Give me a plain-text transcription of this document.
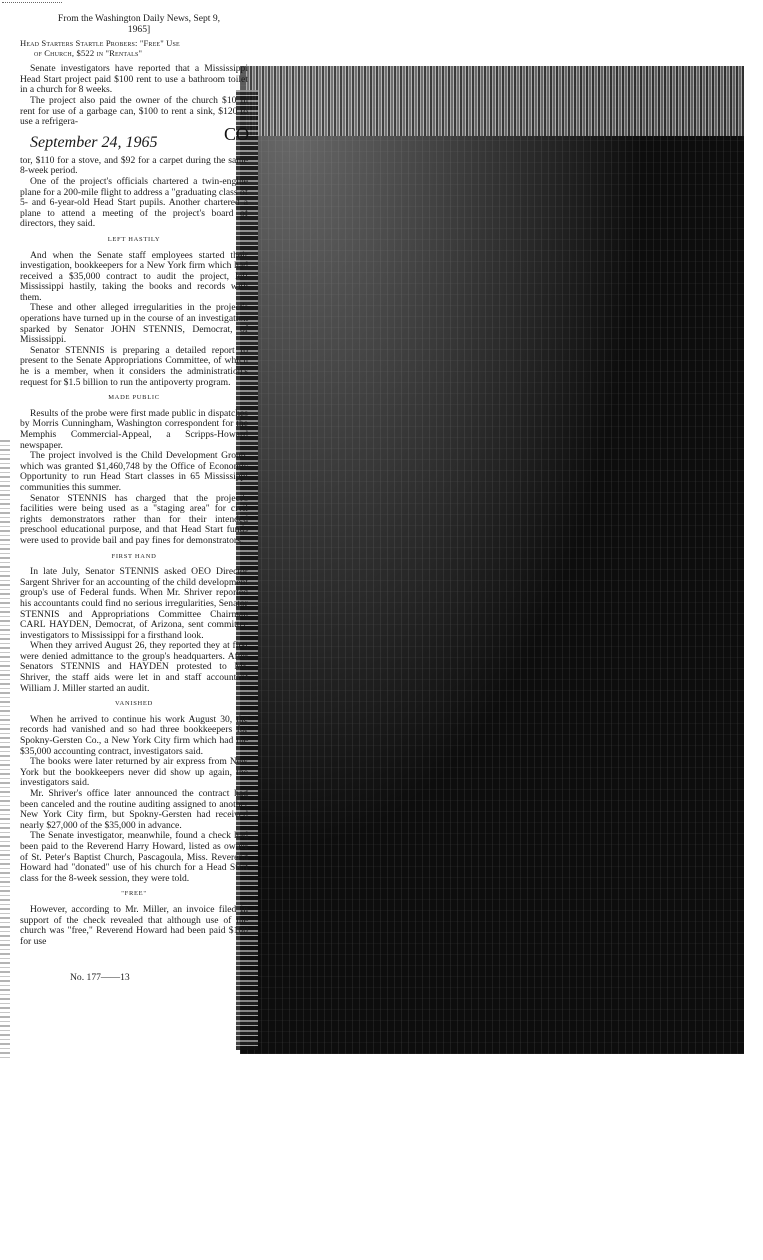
From the Washington Daily News, Sept 9,

1965]

Head Starters Startle Probers: "Free" Use
of Church, $522 in "Rentals"

Senate investigators have reported that a Mississippi Head Start project paid $100 rent to use a bathroom toilet in a church for 8 weeks.

The project also paid the owner of the church $10 in rent for use of a garbage can, $100 to rent a sink, $120 to use a refrigera-

September 24, 1965

tor, $110 for a stove, and $92 for a carpet during the same 8-week period.

One of the project's officials chartered a twin-engine plane for a 200-mile flight to address a "graduating class of 5- and 6-year-old Head Start pupils. Another chartered a plane to attend a meeting of the project's board of directors, they said.

LEFT HASTILY

And when the Senate staff employees started their investigation, bookkeepers for a New York firm which had received a $35,000 contract to audit the project, left Mississippi hastily, taking the books and records with them.

These and other alleged irregularities in the project's operations have turned up in the course of an investigation sparked by Senator JOHN STENNIS, Democrat, of Mississippi.

Senator STENNIS is preparing a detailed report to present to the Senate Appropriations Committee, of which he is a member, when it considers the administration's request for $1.5 billion to run the antipoverty program.

MADE PUBLIC

Results of the probe were first made public in dispatches by Morris Cunningham, Washington correspondent for the Memphis Commercial-Appeal, a Scripps-Howard newspaper.

The project involved is the Child Development Group, which was granted $1,460,748 by the Office of Economic Opportunity to run Head Start classes in 65 Mississippi communities this summer.

Senator STENNIS has charged that the project's facilities were being used as a "staging area" for civil rights demonstrators rather than for their intended preschool educational purpose, and that Head Start funds were used to provide bail and pay fines for demonstrators.

FIRST HAND

In late July, Senator STENNIS asked OEO Director Sargent Shriver for an accounting of the child development group's use of Federal funds. When Mr. Shriver reported his accountants could find no serious irregularities, Senator STENNIS and Appropriations Committee Chairman CARL HAYDEN, Democrat, of Arizona, sent committee investigators to Mississippi for a firsthand look.

When they arrived August 26, they reported they at first were denied admittance to the group's headquarters. After Senators STENNIS and HAYDEN protested to Mr. Shriver, the staff aids were let in and staff accountant William J. Miller started an audit.

VANISHED

When he arrived to continue his work August 30, the records had vanished and so had three bookkeepers for Spokny-Gersten Co., a New York City firm which had the $35,000 accounting contract, investigators said.

The books were later returned by air express from New York but the bookkeepers never did show up again, the investigators said.

Mr. Shriver's office later announced the contract had been canceled and the routine auditing assigned to another New York City firm, but Spokny-Gersten had received nearly $27,000 of the $35,000 in advance.

The Senate investigator, meanwhile, found a check had been paid to the Reverend Harry Howard, listed as owner of St. Peter's Baptist Church, Pascagoula, Miss. Reverend Howard had "donated" use of his church for a Head Start class for the 8-week session, they were told.

"FREE"

However, according to Mr. Miller, an invoice filed in support of the check revealed that although use of the church was "free," Reverend Howard had been paid $100 for use

CO
No. 177——13
